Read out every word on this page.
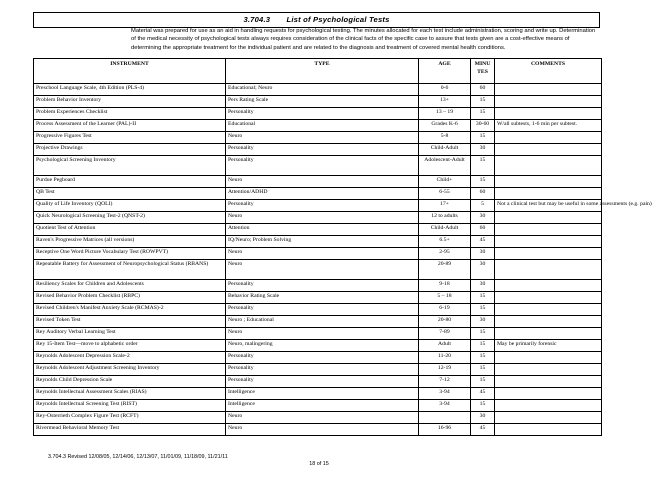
3.704.3 List of Psychological Tests
Material was prepared for use as an aid in handling requests for psychological testing. The minutes allocated for each test include administration, scoring and write up. Determination of the medical necessity of psychological tests always requires consideration of the clinical facts of the specific case to assure that tests given are a cost-effective means of determining the appropriate treatment for the individual patient and are related to the diagnosis and treatment of covered mental health conditions.
INSTRUMENT	TYPE	AGE	MINUTES	COMMENTS
Preschool Language Scale, 4th Edition (PLS-4)	Educational; Neuro	0-6	60	
Problem Behavior Inventory	Pers Rating Scale	13+	15	
Problem Experiences Checklist	Personality	13 – 19	15	
Process Assessment of the Learner (PAL)-II	Educational	Grades K-6	30-60	W/all subtests, 1-6 min per subtest.
Progressive Figures Test	Neuro	5-8	15	
Projective Drawings	Personality	Child-Adult	30	
Psychological Screening Inventory	Personality	Adolescent-Adult	15	
Purdue Pegboard	Neuro	Child+	15	
QB Test	Attention/ADHD	6-55	60	
Quality of Life Inventory (QOLI)	Personality	17+	5	Not a clinical test but may be useful in some assessments (e.g. pain)
Quick Neurological Screening Test-2 (QNST-2)	Neuro	12 to adults	30	
Quotient Test of Attention	Attention	Child-Adult	60	
Raven's Progressive Matrices (all versions)	IQ/Neuro; Problem Solving	6.5+	45	
Receptive One Word Picture Vocabulary Test (ROWPVT)	Neuro	2-95	30	
Repeatable Battery for Assessment of Neuropsychological Status (RBANS)	Neuro	20-89	30	
Resiliency Scales for Children and Adolescents	Personality	9-18	30	
Revised Behavior Problem Checklist (RBPC)	Behavior Rating Scale	5 – 18	15	
Revised Children's Manifest Anxiety Scale (RCMAS)-2	Personality	6-19	15	
Revised Token Test	Neuro ; Educational	20-80	30	
Rey Auditory Verbal Learning Test	Neuro	7-89	15	
Rey 15-Item Test—move to alphabetic order	Neuro, malingering	Adult	15	May be primarily forensic
Reynolds Adolescent Depression Scale-2	Personality	11-20	15	
Reynolds Adolescent Adjustment Screening Inventory	Personality	12-19	15	
Reynolds Child Depression Scale	Personality	7-12	15	
Reynolds Intellectual Assessment Scales (RIAS)	Intelligence	3-94	45	
Reynolds Intellectual Screening Test (RIST)	Intelligence	3-94	15	
Rey-Osterrieth Complex Figure Test (RCFT)	Neuro		30	
Rivermead Behavioral Memory Test	Neuro	16-96	45	
3.704.3 Revised 12/08/05, 12/14/06, 12/13/07, 11/01/09, 11/18/09, 11/21/11
18 of 15
